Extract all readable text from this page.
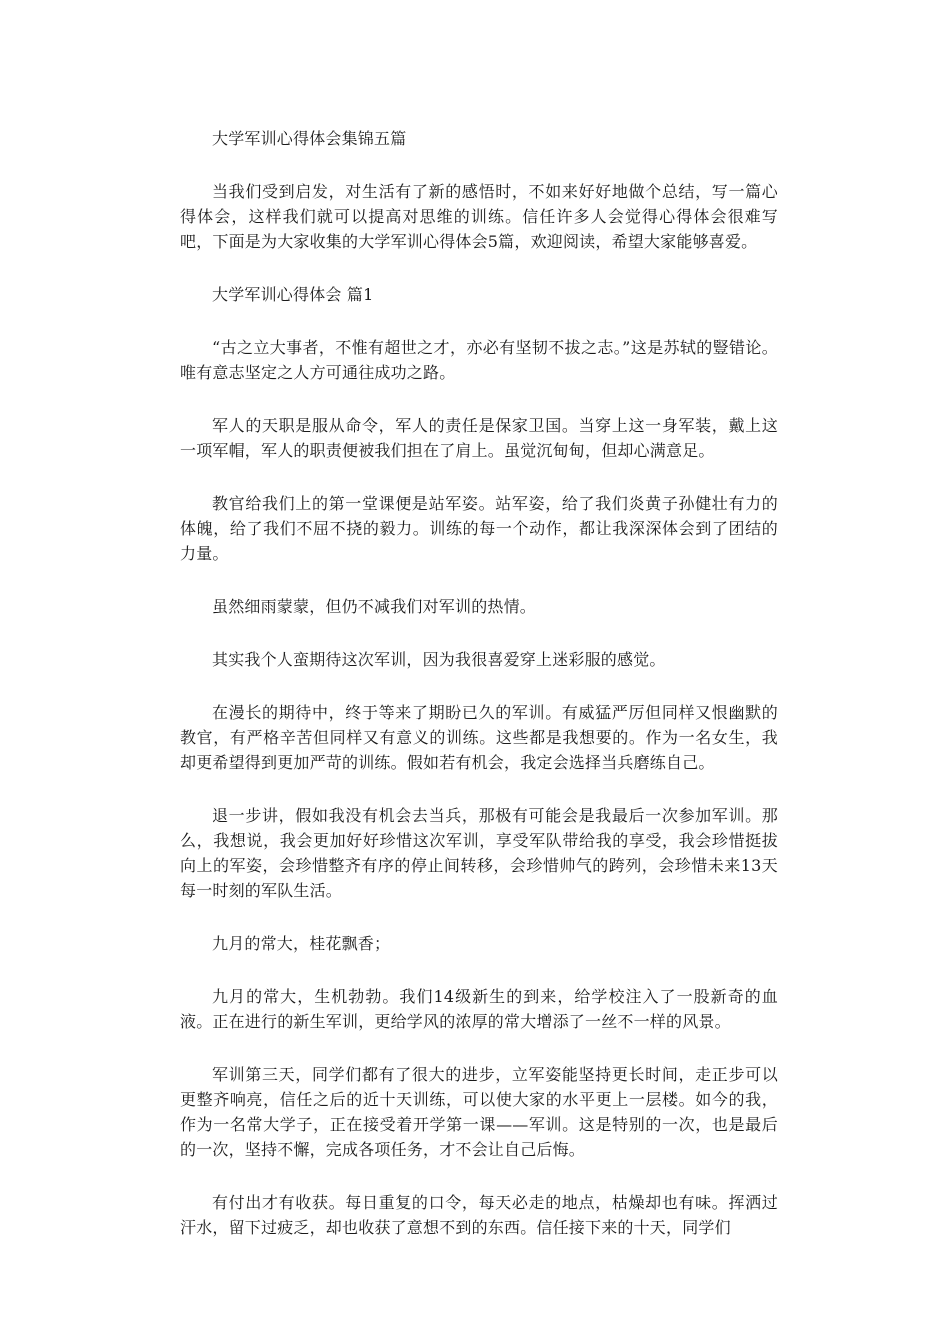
大学军训心得体会集锦五篇

当我们受到启发，对生活有了新的感悟时，不如来好好地做个总结，写一篇心得体会，这样我们就可以提高对思维的训练。信任许多人会觉得心得体会很难写吧，下面是为大家收集的大学军训心得体会5篇，欢迎阅读，希望大家能够喜爱。

大学军训心得体会 篇1

“古之立大事者，不惟有超世之才，亦必有坚韧不拔之志。”这是苏轼的豎错论。唯有意志坚定之人方可通往成功之路。

军人的天职是服从命令，军人的责任是保家卫国。当穿上这一身军装，戴上这一项军帽，军人的职责便被我们担在了肩上。虽觉沉甸甸，但却心满意足。

教官给我们上的第一堂课便是站军姿。站军姿，给了我们炎黄子孙健壮有力的体魄，给了我们不屈不挠的毅力。训练的每一个动作，都让我深深体会到了团结的力量。

虽然细雨蒙蒙，但仍不减我们对军训的热情。

其实我个人蛮期待这次军训，因为我很喜爱穿上迷彩服的感觉。

在漫长的期待中，终于等来了期盼已久的军训。有威猛严厉但同样又恨幽默的教官，有严格辛苦但同样又有意义的训练。这些都是我想要的。作为一名女生，我却更希望得到更加严苛的训练。假如若有机会，我定会选择当兵磨练自己。

退一步讲，假如我没有机会去当兵，那极有可能会是我最后一次参加军训。那么，我想说，我会更加好好珍惜这次军训，享受军队带给我的享受，我会珍惜挺拔向上的军姿，会珍惜整齐有序的停止间转移，会珍惜帅气的跨列，会珍惜未来13天每一时刻的军队生活。

九月的常大，桂花飘香；

九月的常大，生机勃勃。我们14级新生的到来，给学校注入了一股新奇的血液。正在进行的新生军训，更给学风的浓厚的常大增添了一丝不一样的风景。

军训第三天，同学们都有了很大的进步，立军姿能坚持更长时间，走正步可以更整齐响亮，信任之后的近十天训练，可以使大家的水平更上一层楼。如今的我，作为一名常大学子，正在接受着开学第一课——军训。这是特别的一次，也是最后的一次，坚持不懈，完成各项任务，才不会让自己后悔。

有付出才有收获。每日重复的口令，每天必走的地点，枯燥却也有味。挥洒过汗水，留下过疲乏，却也收获了意想不到的东西。信任接下来的十天，同学们
